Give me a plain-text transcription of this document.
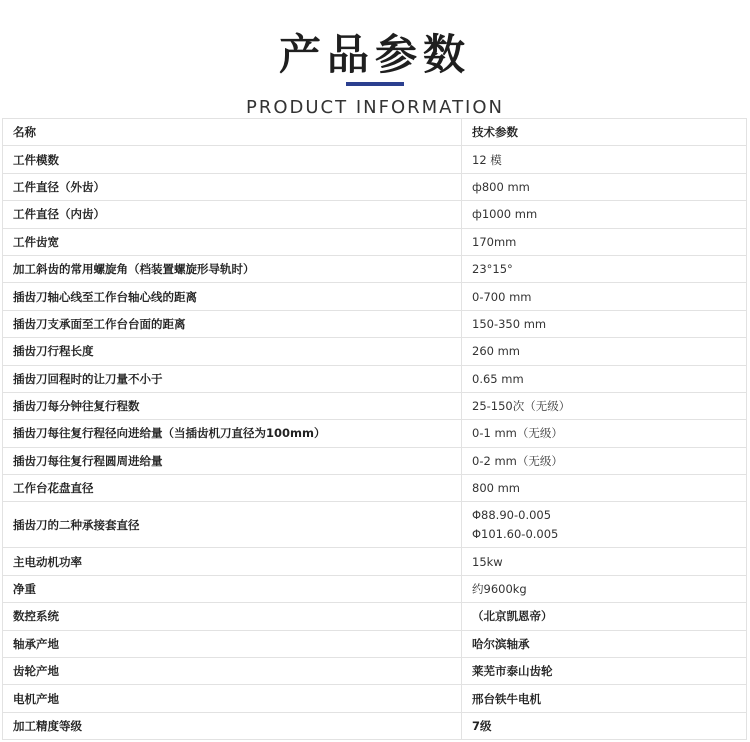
产品参数
PRODUCT INFORMATION
名称	技术参数
工件模数	12 模
工件直径（外齿）	ф800 mm
工件直径（内齿）	ф1000 mm
工件齿宽	170mm
加工斜齿的常用螺旋角（档装置螺旋形导轨时）	23°15°
插齿刀轴心线至工作台轴心线的距离	0-700 mm
插齿刀支承面至工作台台面的距离	150-350 mm
插齿刀行程长度	260 mm
插齿刀回程时的让刀量不小于	0.65 mm
插齿刀每分钟往复行程数	25-150次（无级）
插齿刀每往复行程径向进给量（当插齿机刀直径为100mm）	0-1 mm（无级）
插齿刀每往复行程圆周进给量	0-2 mm（无级）
工作台花盘直径	800 mm
插齿刀的二种承接套直径	Φ88.90-0.005
Φ101.60-0.005

主电动机功率	15kw
净重	约9600kg
数控系统	（北京凯恩帝）
轴承产地	哈尔滨轴承
齿轮产地	莱芜市泰山齿轮
电机产地	邢台铁牛电机
加工精度等级	7级
